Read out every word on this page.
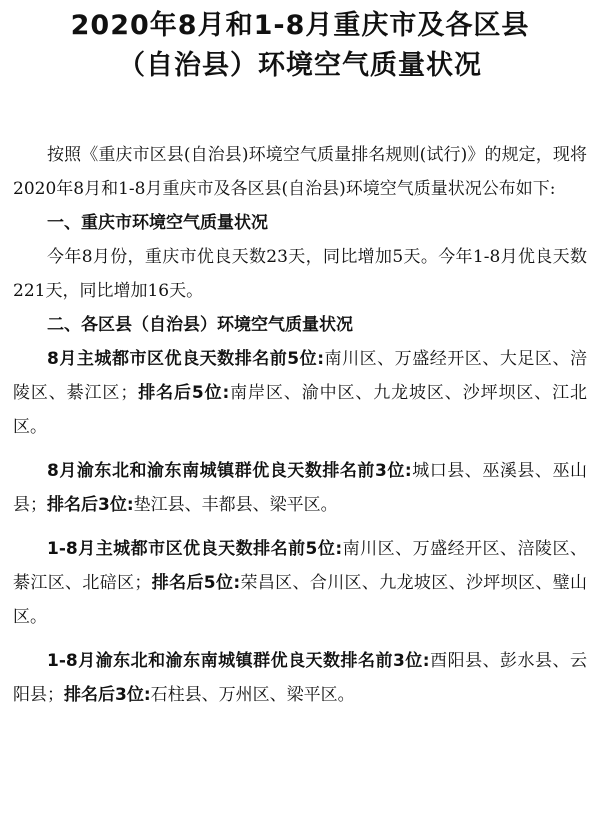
2020年8月和1-8月重庆市及各区县
（自治县）环境空气质量状况

按照《重庆市区县(自治县)环境空气质量排名规则(试行)》的规定，现将2020年8月和1-8月重庆市及各区县(自治县)环境空气质量状况公布如下:

一、重庆市环境空气质量状况

今年8月份，重庆市优良天数23天，同比增加5天。今年1-8月优良天数221天，同比增加16天。

二、各区县（自治县）环境空气质量状况

8月主城都市区优良天数排名前5位:南川区、万盛经开区、大足区、涪陵区、綦江区；排名后5位:南岸区、渝中区、九龙坡区、沙坪坝区、江北区。

8月渝东北和渝东南城镇群优良天数排名前3位:城口县、巫溪县、巫山县；排名后3位:垫江县、丰都县、梁平区。

1-8月主城都市区优良天数排名前5位:南川区、万盛经开区、涪陵区、綦江区、北碚区；排名后5位:荣昌区、合川区、九龙坡区、沙坪坝区、璧山区。

1-8月渝东北和渝东南城镇群优良天数排名前3位:酉阳县、彭水县、云阳县；排名后3位:石柱县、万州区、梁平区。
